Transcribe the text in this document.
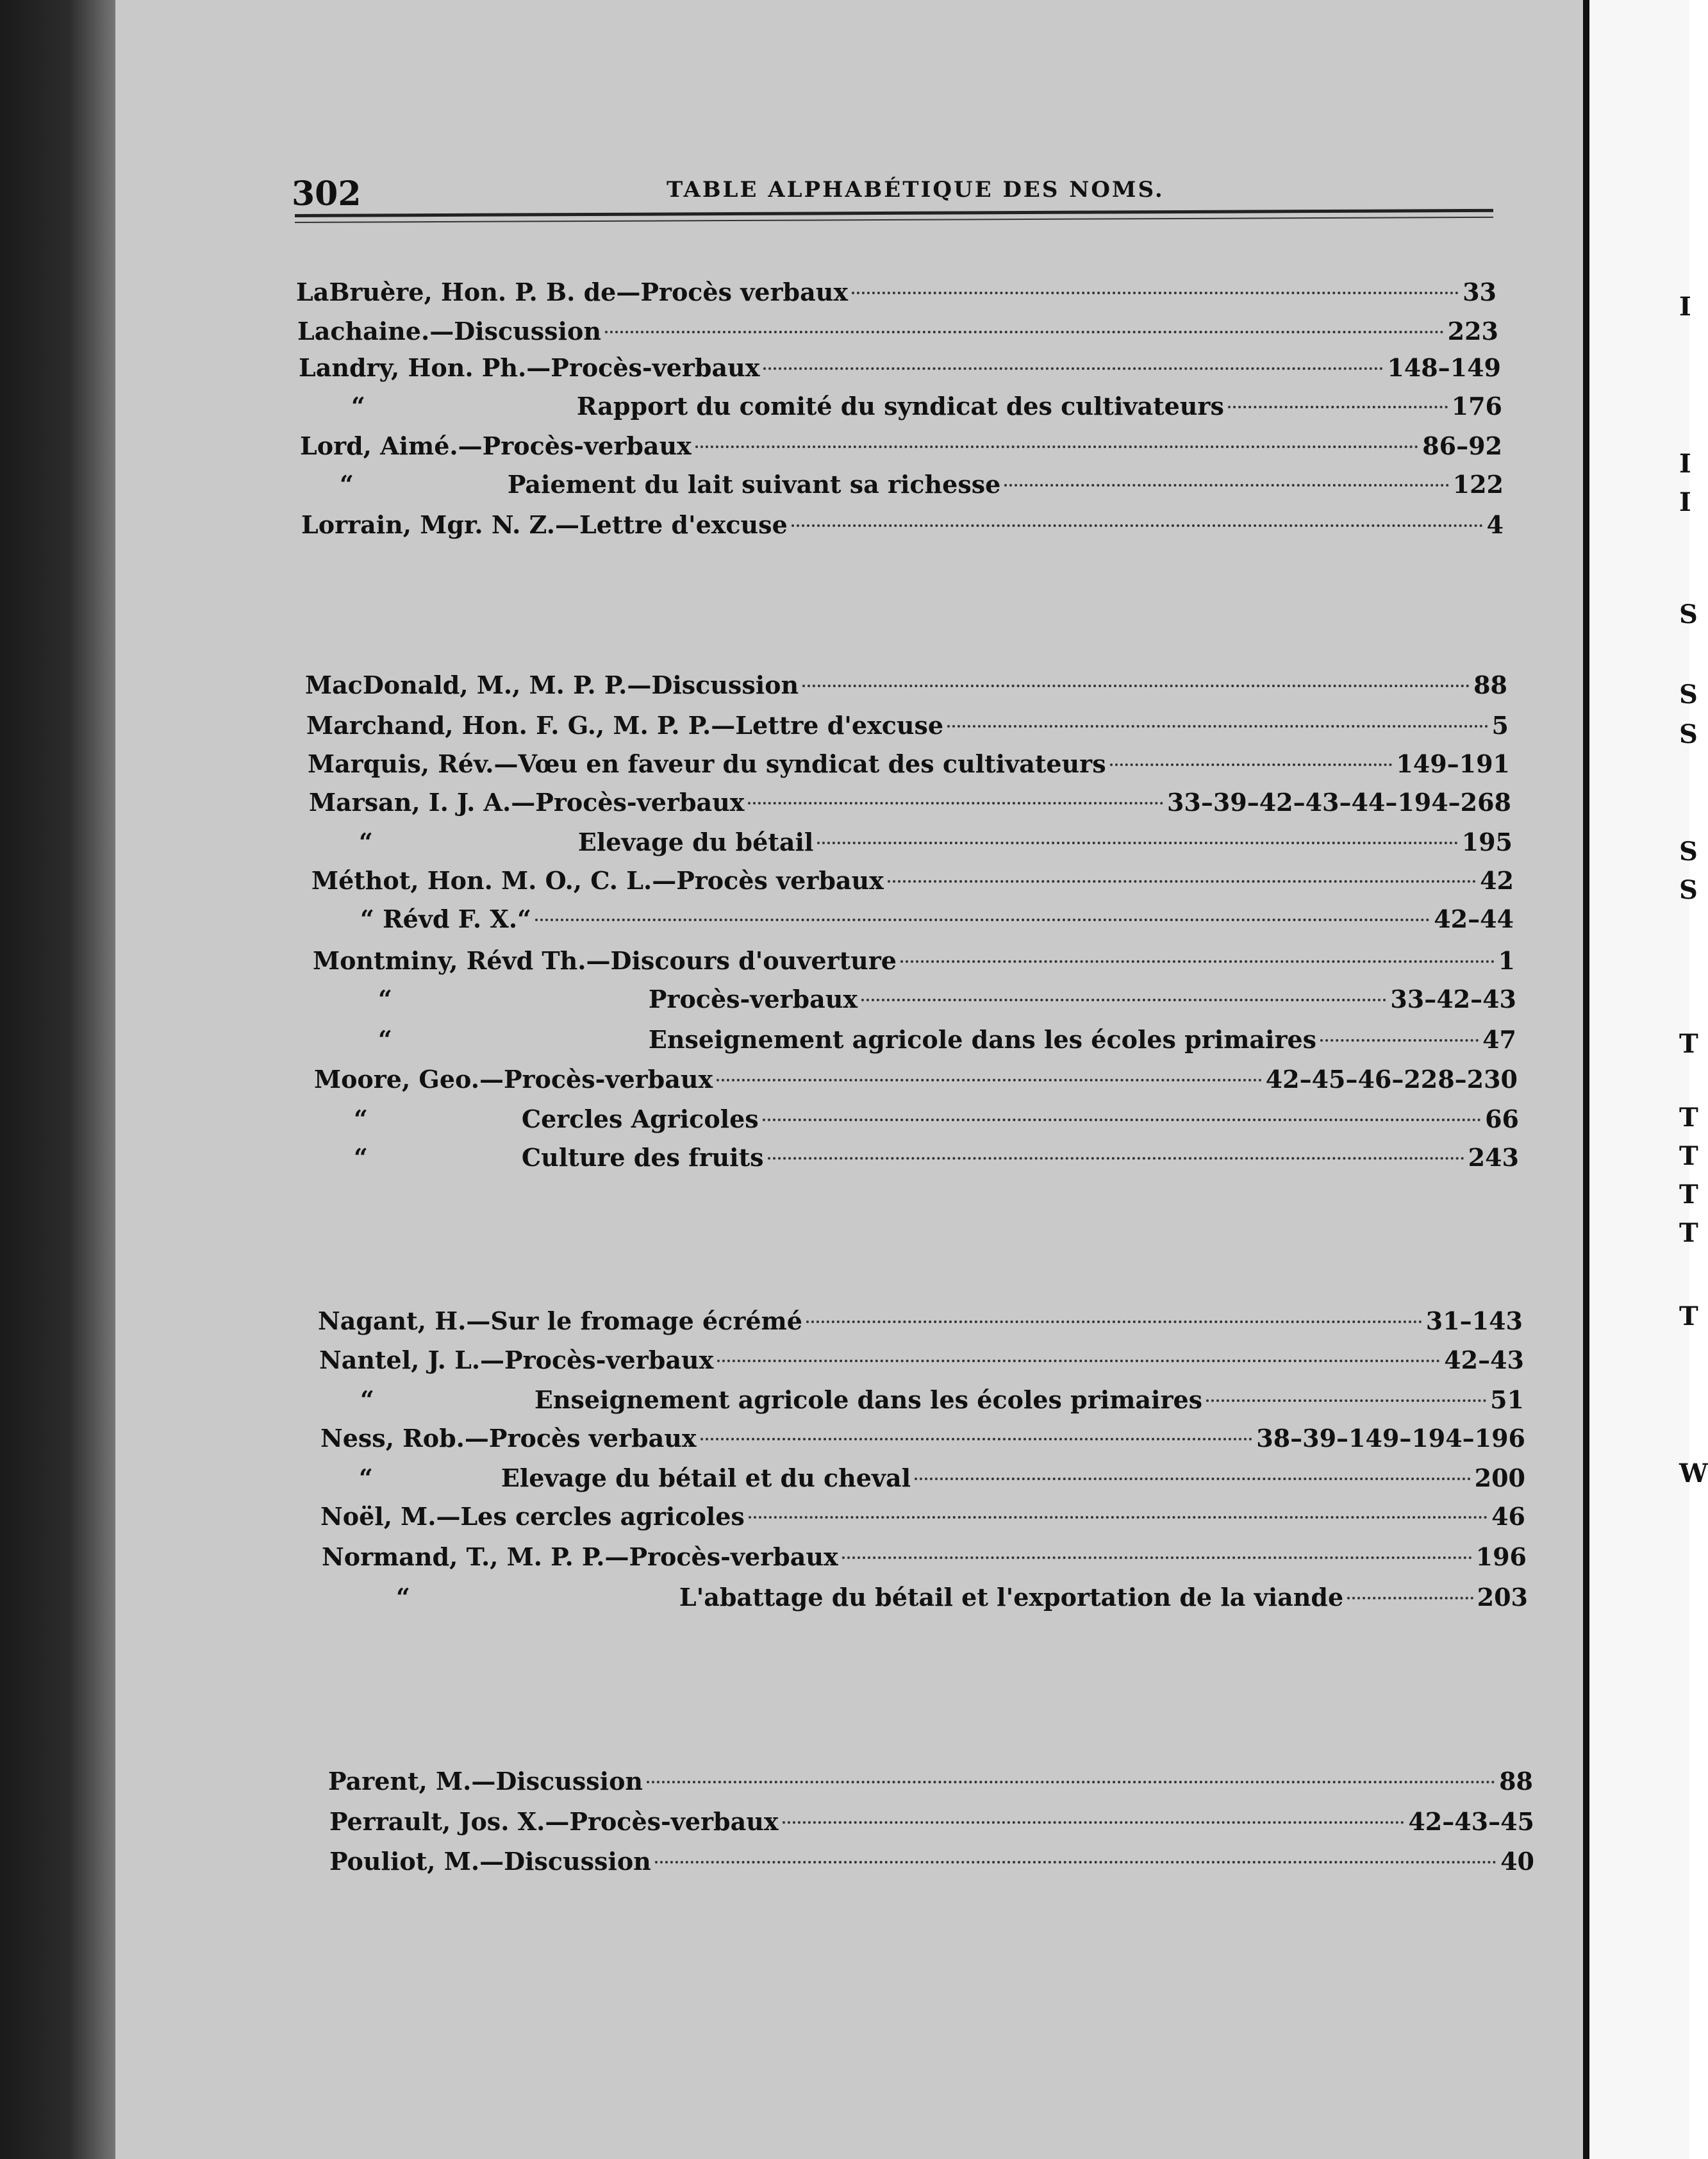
I
I
I
S
S
S
S
S
T
T
T
T
T
T
W
302	TABLE ALPHABÉTIQUE DES NOMS.
LaBruère, Hon. P. B. de —Procès verbaux	33
Lachaine. —Discussion	223
Landry, Hon. Ph. —Procès-verbaux	148–149
“	Rapport du comité du syndicat des cultivateurs	176
Lord, Aimé. —Procès-verbaux	86–92
“	Paiement du lait suivant sa richesse	122
Lorrain, Mgr. N. Z. —Lettre d'excuse	4
MacDonald, M., M. P. P. —Discussion	88
Marchand, Hon. F. G., M. P. P. —Lettre d'excuse	5
Marquis, Rév. —Vœu en faveur du syndicat des cultivateurs	149–191
Marsan, I. J. A. —Procès-verbaux	33–39–42–43–44–194–268
“	Elevage du bétail	195
Méthot, Hon. M. O., C. L. —Procès verbaux	42
“ Révd F. X. “	42–44
Montminy, Révd Th. —Discours d'ouverture	1
“	Procès-verbaux	33–42–43
“	Enseignement agricole dans les écoles primaires	47
Moore, Geo. —Procès-verbaux	42–45–46–228–230
“	Cercles Agricoles	66
“	Culture des fruits	243
Nagant, H. —Sur le fromage écrémé	31–143
Nantel, J. L. —Procès-verbaux	42–43
“	Enseignement agricole dans les écoles primaires	51
Ness, Rob. —Procès verbaux	38–39–149–194–196
“	Elevage du bétail et du cheval	200
Noël, M. —Les cercles agricoles	46
Normand, T., M. P. P. —Procès-verbaux	196
“	L'abattage du bétail et l'exportation de la viande	203
Parent, M. —Discussion	88
Perrault, Jos. X. —Procès-verbaux	42–43–45
Pouliot, M. —Discussion	40
